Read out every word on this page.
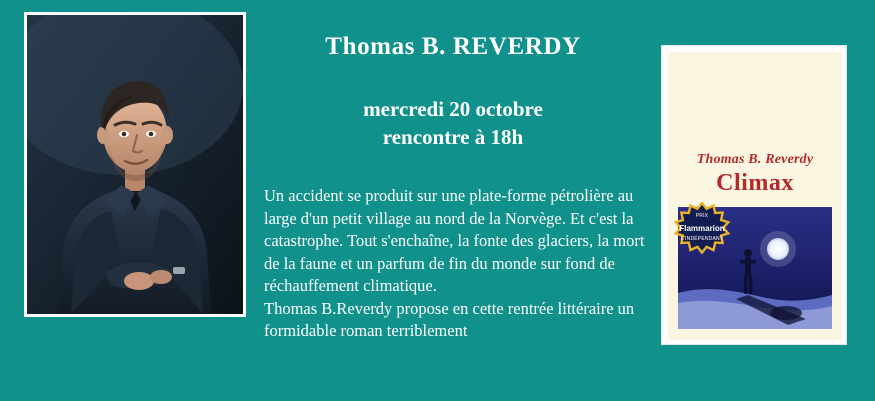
Thomas B. REVERDY
mercredi 20 octobre
rencontre à 18h

Un accident se produit sur une plate-forme pétrolière au large d'un petit village au nord de la Norvège. Et c'est la catastrophe. Tout s'enchaîne, la fonte des glaciers, la mort de la faune et un parfum de fin du monde sur fond de réchauffement climatique.

Thomas B.Reverdy propose en cette rentrée littéraire un formidable roman terriblement

Thomas B. Reverdy
Climax
PRIX
Flammarion
L'INDÉPENDANT
